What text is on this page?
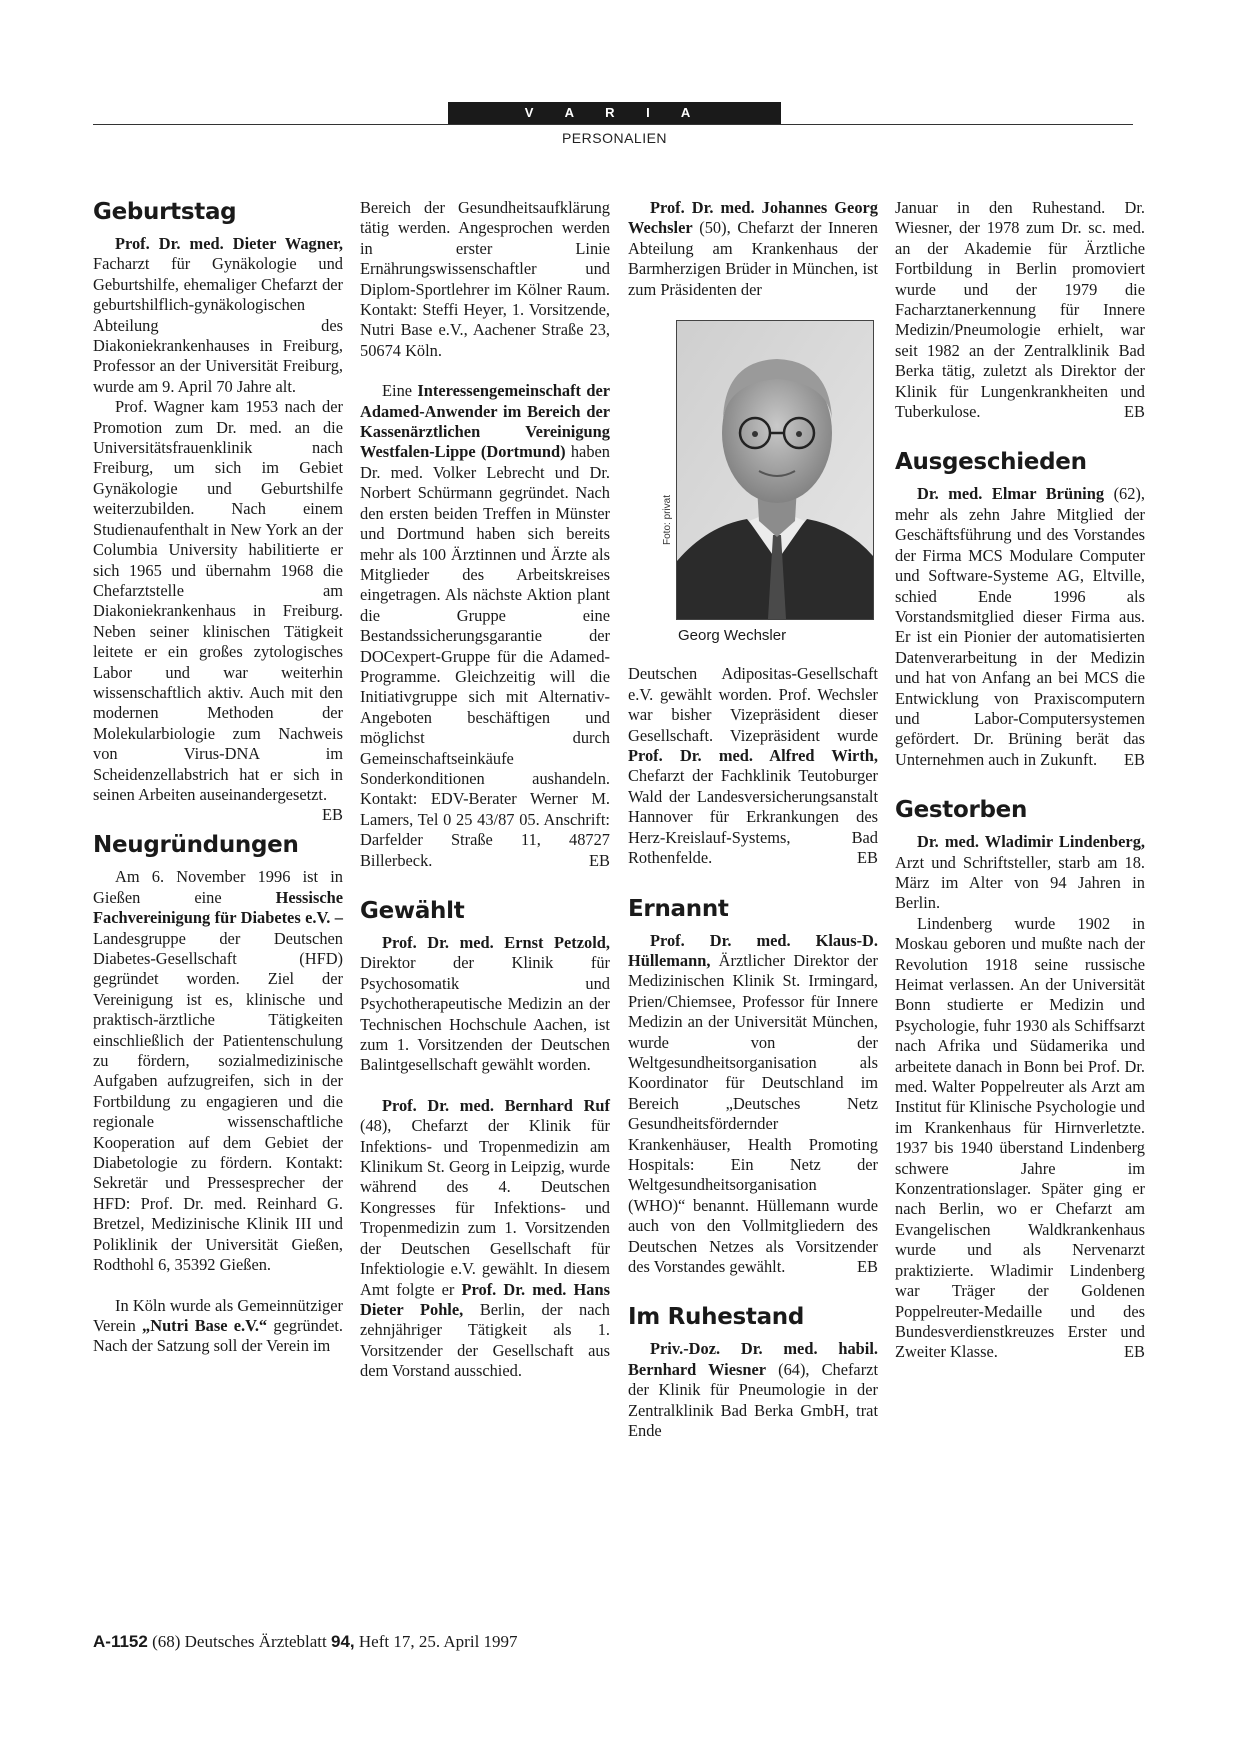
V A R I A
PERSONALIEN
Geburtstag

Prof. Dr. med. Dieter Wagner, Facharzt für Gynäkologie und Geburtshilfe, ehemaliger Chefarzt der geburtshilflich-gynäkologischen Abteilung des Diakoniekrankenhauses in Freiburg, Professor an der Universität Freiburg, wurde am 9. April 70 Jahre alt.

Prof. Wagner kam 1953 nach der Promotion zum Dr. med. an die Universitätsfrauenklinik nach Freiburg, um sich im Gebiet Gynäkologie und Geburtshilfe weiterzubilden. Nach einem Studienaufenthalt in New York an der Columbia University habilitierte er sich 1965 und übernahm 1968 die Chefarztstelle am Diakoniekrankenhaus in Freiburg. Neben seiner klinischen Tätigkeit leitete er ein großes zytologisches Labor und war weiterhin wissenschaftlich aktiv. Auch mit den modernen Methoden der Molekularbiologie zum Nachweis von Virus-DNA im Scheidenzellabstrich hat er sich in seinen Arbeiten auseinandergesetzt.
EB

Neugründungen

Am 6. November 1996 ist in Gießen eine Hessische Fachvereinigung für Diabetes e.V. – Landesgruppe der Deutschen Diabetes-Gesellschaft (HFD) gegründet worden. Ziel der Vereinigung ist es, klinische und praktisch-ärztliche Tätigkeiten einschließlich der Patientenschulung zu fördern, sozialmedizinische Aufgaben aufzugreifen, sich in der Fortbildung zu engagieren und die regionale wissenschaftliche Kooperation auf dem Gebiet der Diabetologie zu fördern. Kontakt: Sekretär und Pressesprecher der HFD: Prof. Dr. med. Reinhard G. Bretzel, Medizinische Klinik III und Poliklinik der Universität Gießen, Rodthohl 6, 35392 Gießen.

In Köln wurde als Gemeinnütziger Verein „Nutri Base e.V.“ gegründet. Nach der Satzung soll der Verein im

Bereich der Gesundheitsaufklärung tätig werden. Angesprochen werden in erster Linie Ernährungswissenschaftler und Diplom-Sportlehrer im Kölner Raum. Kontakt: Steffi Heyer, 1. Vorsitzende, Nutri Base e.V., Aachener Straße 23, 50674 Köln.

Eine Interessengemeinschaft der Adamed-Anwender im Bereich der Kassenärztlichen Vereinigung Westfalen-Lippe (Dortmund) haben Dr. med. Volker Lebrecht und Dr. Norbert Schürmann gegründet. Nach den ersten beiden Treffen in Münster und Dortmund haben sich bereits mehr als 100 Ärztinnen und Ärzte als Mitglieder des Arbeitskreises eingetragen. Als nächste Aktion plant die Gruppe eine Bestandssicherungsgarantie der DOCexpert-Gruppe für die Adamed-Programme. Gleichzeitig will die Initiativgruppe sich mit Alternativ-Angeboten beschäftigen und möglichst durch Gemeinschaftseinkäufe Sonderkonditionen aushandeln. Kontakt: EDV-Berater Werner M. Lamers, Tel 0 25 43/87 05. Anschrift: Darfelder Straße 11, 48727 Billerbeck.	EB

Gewählt

Prof. Dr. med. Ernst Petzold, Direktor der Klinik für Psychosomatik und Psychotherapeutische Medizin an der Technischen Hochschule Aachen, ist zum 1. Vorsitzenden der Deutschen Balintgesellschaft gewählt worden.

Prof. Dr. med. Bernhard Ruf (48), Chefarzt der Klinik für Infektions- und Tropenmedizin am Klinikum St. Georg in Leipzig, wurde während des 4. Deutschen Kongresses für Infektions- und Tropenmedizin zum 1. Vorsitzenden der Deutschen Gesellschaft für Infektiologie e.V. gewählt. In diesem Amt folgte er Prof. Dr. med. Hans Dieter Pohle, Berlin, der nach zehnjähriger Tätigkeit als 1. Vorsitzender der Gesellschaft aus dem Vorstand ausschied.

Prof. Dr. med. Johannes Georg Wechsler (50), Chefarzt der Inneren Abteilung am Krankenhaus der Barmherzigen Brüder in München, ist zum Präsidenten der

Foto: privat
Georg Wechsler

Deutschen Adipositas-Gesellschaft e.V. gewählt worden. Prof. Wechsler war bisher Vizepräsident dieser Gesellschaft. Vizepräsident wurde Prof. Dr. med. Alfred Wirth, Chefarzt der Fachklinik Teutoburger Wald der Landesversicherungsanstalt Hannover für Erkrankungen des Herz-Kreislauf-Systems, Bad Rothenfelde.	EB

Ernannt

Prof. Dr. med. Klaus-D. Hüllemann, Ärztlicher Direktor der Medizinischen Klinik St. Irmingard, Prien/Chiemsee, Professor für Innere Medizin an der Universität München, wurde von der Weltgesundheitsorganisation als Koordinator für Deutschland im Bereich „Deutsches Netz Gesundheitsfördernder Krankenhäuser, Health Promoting Hospitals: Ein Netz der Weltgesundheitsorganisation (WHO)“ benannt. Hüllemann wurde auch von den Vollmitgliedern des Deutschen Netzes als Vorsitzender des Vorstandes gewählt.	EB

Im Ruhestand

Priv.-Doz. Dr. med. habil. Bernhard Wiesner (64), Chefarzt der Klinik für Pneumologie in der Zentralklinik Bad Berka GmbH, trat Ende

Januar in den Ruhestand. Dr. Wiesner, der 1978 zum Dr. sc. med. an der Akademie für Ärztliche Fortbildung in Berlin promoviert wurde und der 1979 die Facharztanerkennung für Innere Medizin/Pneumologie erhielt, war seit 1982 an der Zentralklinik Bad Berka tätig, zuletzt als Direktor der Klinik für Lungenkrankheiten und Tuberkulose.	EB

Ausgeschieden

Dr. med. Elmar Brüning (62), mehr als zehn Jahre Mitglied der Geschäftsführung und des Vorstandes der Firma MCS Modulare Computer und Software-Systeme AG, Eltville, schied Ende 1996 als Vorstandsmitglied dieser Firma aus. Er ist ein Pionier der automatisierten Datenverarbeitung in der Medizin und hat von Anfang an bei MCS die Entwicklung von Praxiscomputern und Labor-Computersystemen gefördert. Dr. Brüning berät das Unternehmen auch in Zukunft.	EB

Gestorben

Dr. med. Wladimir Lindenberg, Arzt und Schriftsteller, starb am 18. März im Alter von 94 Jahren in Berlin.

Lindenberg wurde 1902 in Moskau geboren und mußte nach der Revolution 1918 seine russische Heimat verlassen. An der Universität Bonn studierte er Medizin und Psychologie, fuhr 1930 als Schiffsarzt nach Afrika und Südamerika und arbeitete danach in Bonn bei Prof. Dr. med. Walter Poppelreuter als Arzt am Institut für Klinische Psychologie und im Krankenhaus für Hirnverletzte. 1937 bis 1940 überstand Lindenberg schwere Jahre im Konzentrationslager. Später ging er nach Berlin, wo er Chefarzt am Evangelischen Waldkrankenhaus wurde und als Nervenarzt praktizierte. Wladimir Lindenberg war Träger der Goldenen Poppelreuter-Medaille und des Bundesverdienstkreuzes Erster und Zweiter Klasse.	EB

A-1152 (68) Deutsches Ärzteblatt 94, Heft 17, 25. April 1997
